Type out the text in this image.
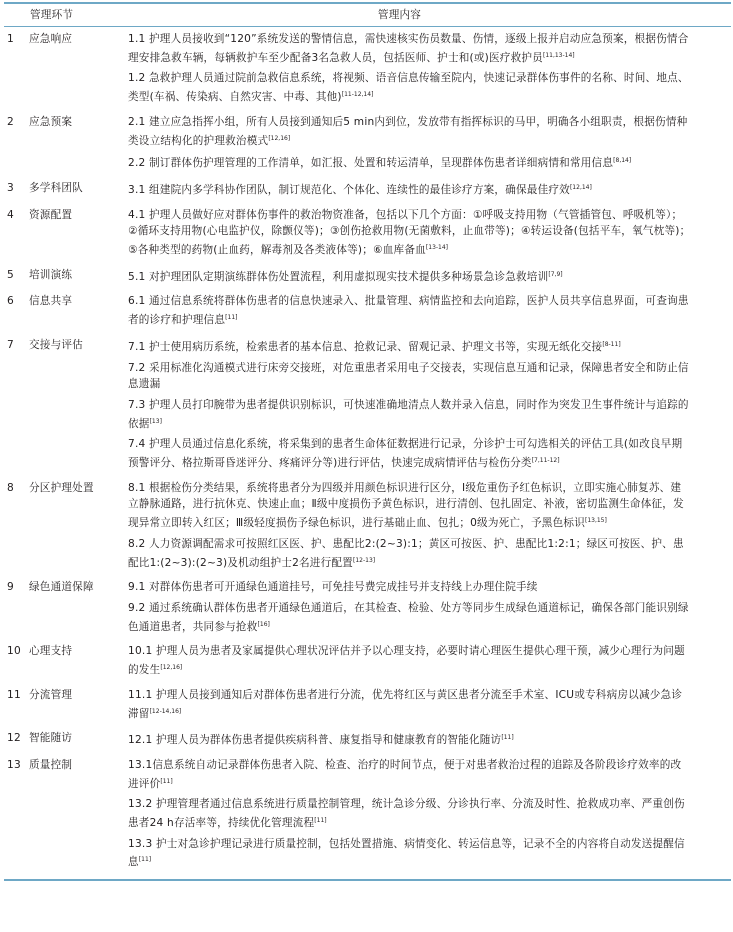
管理环节	管理内容
1	应急响应	1.1 护理人员接收到“120”系统发送的警情信息，需快速核实伤员数量、伤情，逐级上报并启动应急预案，根据伤情合理安排急救车辆，每辆救护车至少配备3名急救人员，包括医师、护士和(或)医疗救护员[11,13-14]
1.2 急救护理人员通过院前急救信息系统，将视频、语音信息传输至院内，快速记录群体伤事件的名称、时间、地点、类型(车祸、传染病、自然灾害、中毒、其他)[11-12,14]
2	应急预案	2.1 建立应急指挥小组，所有人员接到通知后5 min内到位，发放带有指挥标识的马甲，明确各小组职责，根据伤情种类设立结构化的护理救治模式[12,16]
2.2 制订群体伤护理管理的工作清单，如汇报、处置和转运清单，呈现群体伤患者详细病情和常用信息[8,14]
3	多学科团队	3.1 组建院内多学科协作团队，制订规范化、个体化、连续性的最佳诊疗方案，确保最佳疗效[12,14]
4	资源配置	4.1 护理人员做好应对群体伤事件的救治物资准备，包括以下几个方面：①呼吸支持用物（气管插管包、呼吸机等）；②循环支持用物(心电监护仪，除颤仪等)；③创伤抢救用物(无菌敷料，止血带等)；④转运设备(包括平车，氧气枕等)；⑤各种类型的药物(止血药，解毒剂及各类液体等)；⑥血库备血[13-14]
5	培训演练	5.1 对护理团队定期演练群体伤处置流程，利用虚拟现实技术提供多种场景急诊急救培训[7,9]
6	信息共享	6.1 通过信息系统将群体伤患者的信息快速录入、批量管理、病情监控和去向追踪，医护人员共享信息界面，可查询患者的诊疗和护理信息[11]
7	交接与评估	7.1 护士使用病历系统，检索患者的基本信息、抢救记录、留观记录、护理文书等，实现无纸化交接[8-11]
7.2 采用标准化沟通模式进行床旁交接班，对危重患者采用电子交接表，实现信息互通和记录，保障患者安全和防止信息遗漏
7.3 护理人员打印腕带为患者提供识别标识，可快速准确地清点人数并录入信息，同时作为突发卫生事件统计与追踪的依据[13]
7.4 护理人员通过信息化系统，将采集到的患者生命体征数据进行记录，分诊护士可勾选相关的评估工具(如改良早期预警评分、格拉斯哥昏迷评分、疼痛评分等)进行评估，快速完成病情评估与检伤分类[7,11-12]
8	分区护理处置	8.1 根据检伤分类结果，系统将患者分为四级并用颜色标识进行区分，Ⅰ级危重伤予红色标识，立即实施心肺复苏、建立静脉通路，进行抗休克、快速止血；Ⅱ级中度损伤予黄色标识，进行清创、包扎固定、补液，密切监测生命体征，发现异常立即转入红区；Ⅲ级轻度损伤予绿色标识，进行基础止血、包扎；0级为死亡，予黑色标识[13,15]
8.2 人力资源调配需求可按照红区医、护、患配比2:(2~3):1；黄区可按医、护、患配比1:2:1；绿区可按医、护、患配比1:(2~3):(2~3)及机动组护士2名进行配置[12-13]
9	绿色通道保障	9.1 对群体伤患者可开通绿色通道挂号，可免挂号费完成挂号并支持线上办理住院手续
9.2 通过系统确认群体伤患者开通绿色通道后，在其检查、检验、处方等同步生成绿色通道标记，确保各部门能识别绿色通道患者，共同参与抢救[16]
10 心理支持	10.1 护理人员为患者及家属提供心理状况评估并予以心理支持，必要时请心理医生提供心理干预，减少心理行为问题的发生[12,16]
11 分流管理	11.1 护理人员接到通知后对群体伤患者进行分流，优先将红区与黄区患者分流至手术室、ICU或专科病房以减少急诊滞留[12-14,16]
12 智能随访	12.1 护理人员为群体伤患者提供疾病科普、康复指导和健康教育的智能化随访[11]
13 质量控制	13.1信息系统自动记录群体伤患者入院、检查、治疗的时间节点，便于对患者救治过程的追踪及各阶段诊疗效率的改进评价[11]
13.2 护理管理者通过信息系统进行质量控制管理，统计急诊分级、分诊执行率、分流及时性、抢救成功率、严重创伤患者24 h存活率等，持续优化管理流程[11]
13.3 护士对急诊护理记录进行质量控制，包括处置措施、病情变化、转运信息等，记录不全的内容将自动发送提醒信息[11]
